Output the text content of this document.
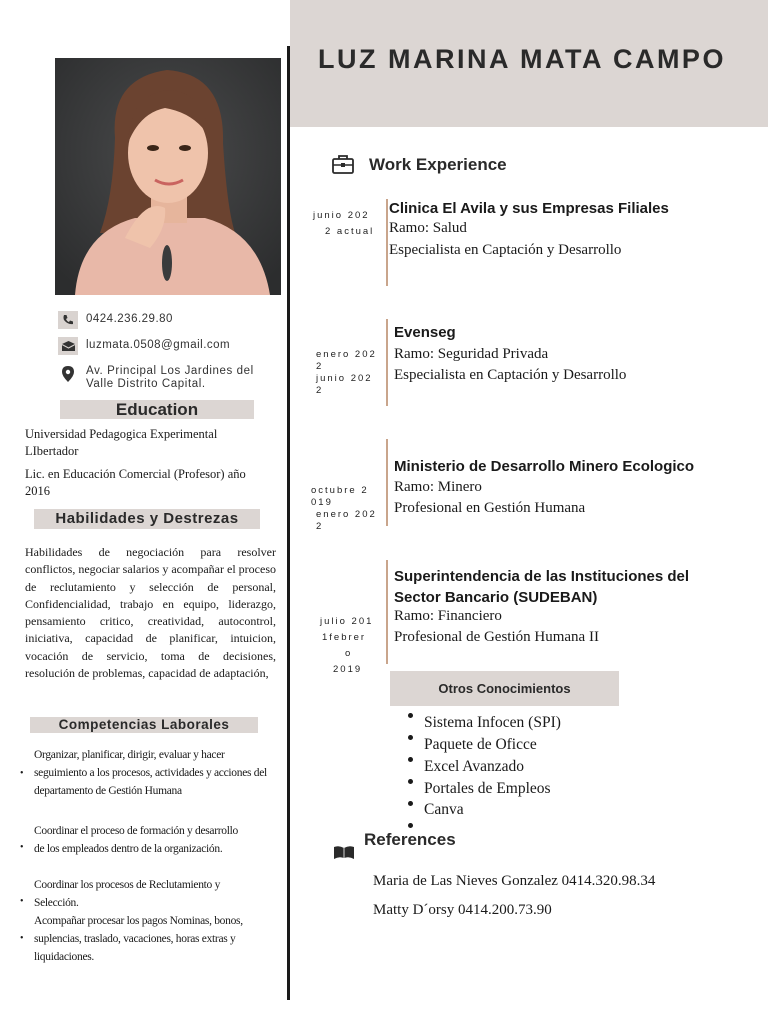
LUZ MARINA MATA CAMPO
0424.236.29.80
luzmata.0508@gmail.com
Av. Principal Los Jardines del
Valle Distrito Capital.
Education
Universidad Pedagogica Experimental
LIbertador
Lic. en Educación Comercial (Profesor) año
2016
Habilidades y Destrezas
Habilidades de negociación para resolver conflictos, negociar salarios y acompañar el proceso de reclutamiento y selección de personal, Confidencialidad, trabajo en equipo, liderazgo, pensamiento critico, creatividad, autocontrol, iniciativa, capacidad de planificar, intuicion, vocación de servicio, toma de decisiones, resolución de problemas, capacidad de adaptación,
Competencias Laborales
Organizar, planificar, dirigir, evaluar y hacer seguimiento a los procesos, actividades y acciones del departamento de Gestión Humana
•
Coordinar el proceso de formación y desarrollo de los empleados dentro de la organización.
•
Coordinar los procesos de Reclutamiento y Selección.
•
Acompañar procesar los pagos Nominas, bonos, suplencias, traslado, vacaciones, horas extras y liquidaciones.
•
Work Experience
junio 202
2 actual
Clinica El Avila y sus Empresas Filiales
Ramo: Salud
Especialista en Captación y Desarrollo
enero 202
2
junio 202
2
Evenseg
Ramo: Seguridad Privada
Especialista en Captación y Desarrollo
octubre 2
019
enero 202
2
Ministerio de Desarrollo Minero Ecologico
Ramo: Minero
Profesional en Gestión Humana
julio 201
1febrer
o
2019
Superintendencia de las Instituciones del
Sector Bancario (SUDEBAN)
Ramo: Financiero
Profesional de Gestión Humana II
Otros Conocimientos
Sistema Infocen (SPI)
Paquete de Oficce
Excel Avanzado
Portales de Empleos
Canva
References
Maria de Las Nieves Gonzalez 0414.320.98.34
Matty D´orsy 0414.200.73.90
